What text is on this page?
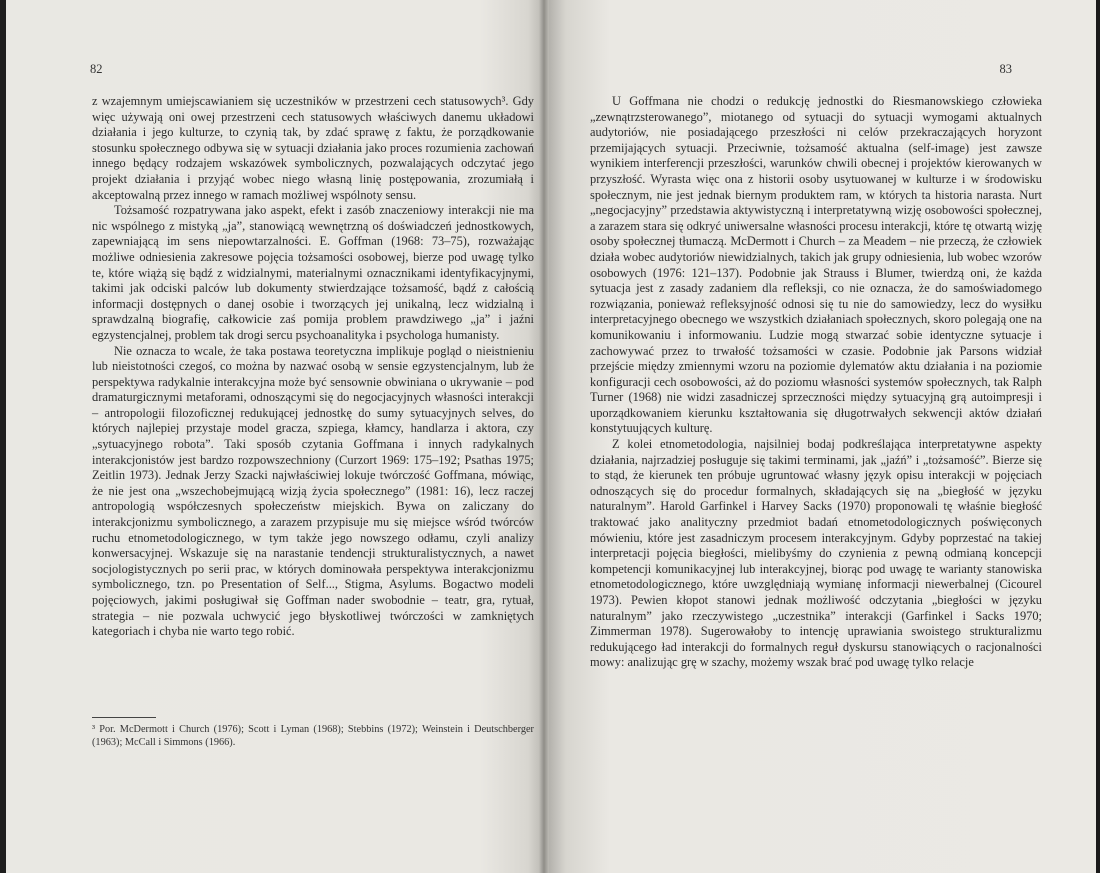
82

z wzajemnym umiejscawianiem się uczestników w przestrzeni cech statusowych³. Gdy więc używają oni owej przestrzeni cech statusowych właściwych danemu układowi działania i jego kulturze, to czynią tak, by zdać sprawę z faktu, że porządkowanie stosunku społecznego odbywa się w sytuacji działania jako proces rozumienia zachowań innego będący rodzajem wskazówek symbolicznych, pozwalających odczytać jego projekt działania i przyjąć wobec niego własną linię postępowania, zrozumiałą i akceptowalną przez innego w ramach możliwej wspólnoty sensu.

Tożsamość rozpatrywana jako aspekt, efekt i zasób znaczeniowy interakcji nie ma nic wspólnego z mistyką „ja”, stanowiącą wewnętrzną oś doświadczeń jednostkowych, zapewniającą im sens niepowtarzalności. E. Goffman (1968: 73–75), rozważając możliwe odniesienia zakresowe pojęcia tożsamości osobowej, bierze pod uwagę tylko te, które wiążą się bądź z widzialnymi, materialnymi oznacznikami identyfikacyjnymi, takimi jak odciski palców lub dokumenty stwierdzające tożsamość, bądź z całością informacji dostępnych o danej osobie i tworzących jej unikalną, lecz widzialną i sprawdzalną biografię, całkowicie zaś pomija problem prawdziwego „ja” i jaźni egzystencjalnej, problem tak drogi sercu psychoanalityka i psychologa humanisty.

Nie oznacza to wcale, że taka postawa teoretyczna implikuje pogląd o nieistnieniu lub nieistotności czegoś, co można by nazwać osobą w sensie egzystencjalnym, lub że perspektywa radykalnie interakcyjna może być sensownie obwiniana o ukrywanie – pod dramaturgicznymi metaforami, odnoszącymi się do negocjacyjnych własności interakcji – antropologii filozoficznej redukującej jednostkę do sumy sytuacyjnych selves, do których najlepiej przystaje model gracza, szpiega, kłamcy, handlarza i aktora, czy „sytuacyjnego robota”. Taki sposób czytania Goffmana i innych radykalnych interakcjonistów jest bardzo rozpowszechniony (Curzort 1969: 175–192; Psathas 1975; Zeitlin 1973). Jednak Jerzy Szacki najwłaściwiej lokuje twórczość Goffmana, mówiąc, że nie jest ona „wszechobejmującą wizją życia społecznego” (1981: 16), lecz raczej antropologią współczesnych społeczeństw miejskich. Bywa on zaliczany do interakcjonizmu symbolicznego, a zarazem przypisuje mu się miejsce wśród twórców ruchu etnometodologicznego, w tym także jego nowszego odłamu, czyli analizy konwersacyjnej. Wskazuje się na narastanie tendencji strukturalistycznych, a nawet socjologistycznych po serii prac, w których dominowała perspektywa interakcjonizmu symbolicznego, tzn. po Presentation of Self..., Stigma, Asylums. Bogactwo modeli pojęciowych, jakimi posługiwał się Goffman nader swobodnie – teatr, gra, rytuał, strategia – nie pozwala uchwycić jego błyskotliwej twórczości w zamkniętych kategoriach i chyba nie warto tego robić.

³ Por. McDermott i Church (1976); Scott i Lyman (1968); Stebbins (1972); Weinstein i Deutschberger (1963); McCall i Simmons (1966).
83

U Goffmana nie chodzi o redukcję jednostki do Riesmanowskiego człowieka „zewnątrzsterowanego”, miotanego od sytuacji do sytuacji wymogami aktualnych audytoriów, nie posiadającego przeszłości ni celów przekraczających horyzont przemijających sytuacji. Przeciwnie, tożsamość aktualna (self-image) jest zawsze wynikiem interferencji przeszłości, warunków chwili obecnej i projektów kierowanych w przyszłość. Wyrasta więc ona z historii osoby usytuowanej w kulturze i w środowisku społecznym, nie jest jednak biernym produktem ram, w których ta historia narasta. Nurt „negocjacyjny” przedstawia aktywistyczną i interpretatywną wizję osobowości społecznej, a zarazem stara się odkryć uniwersalne własności procesu interakcji, które tę otwartą wizję osoby społecznej tłumaczą. McDermott i Church – za Meadem – nie przeczą, że człowiek działa wobec audytoriów niewidzialnych, takich jak grupy odniesienia, lub wobec wzorów osobowych (1976: 121–137). Podobnie jak Strauss i Blumer, twierdzą oni, że każda sytuacja jest z zasady zadaniem dla refleksji, co nie oznacza, że do samoświadomego rozwiązania, ponieważ refleksyjność odnosi się tu nie do samowiedzy, lecz do wysiłku interpretacyjnego obecnego we wszystkich działaniach społecznych, skoro polegają one na komunikowaniu i informowaniu. Ludzie mogą stwarzać sobie identyczne sytuacje i zachowywać przez to trwałość tożsamości w czasie. Podobnie jak Parsons widział przejście między zmiennymi wzoru na poziomie dylematów aktu działania i na poziomie konfiguracji cech osobowości, aż do poziomu własności systemów społecznych, tak Ralph Turner (1968) nie widzi zasadniczej sprzeczności między sytuacyjną grą autoimpresji i uporządkowaniem kierunku kształtowania się długotrwałych sekwencji aktów działań konstytuujących kulturę.

Z kolei etnometodologia, najsilniej bodaj podkreślająca interpretatywne aspekty działania, najrzadziej posługuje się takimi terminami, jak „jaźń” i „tożsamość”. Bierze się to stąd, że kierunek ten próbuje ugruntować własny język opisu interakcji w pojęciach odnoszących się do procedur formalnych, składających się na „biegłość w języku naturalnym”. Harold Garfinkel i Harvey Sacks (1970) proponowali tę właśnie biegłość traktować jako analityczny przedmiot badań etnometodologicznych poświęconych mówieniu, które jest zasadniczym procesem interakcyjnym. Gdyby poprzestać na takiej interpretacji pojęcia biegłości, mielibyśmy do czynienia z pewną odmianą koncepcji kompetencji komunikacyjnej lub interakcyjnej, biorąc pod uwagę te warianty stanowiska etnometodologicznego, które uwzględniają wymianę informacji niewerbalnej (Cicourel 1973). Pewien kłopot stanowi jednak możliwość odczytania „biegłości w języku naturalnym” jako rzeczywistego „uczestnika” interakcji (Garfinkel i Sacks 1970; Zimmerman 1978). Sugerowałoby to intencję uprawiania swoistego strukturalizmu redukującego ład interakcji do formalnych reguł dyskursu stanowiących o racjonalności mowy: analizując grę w szachy, możemy wszak brać pod uwagę tylko relacje
